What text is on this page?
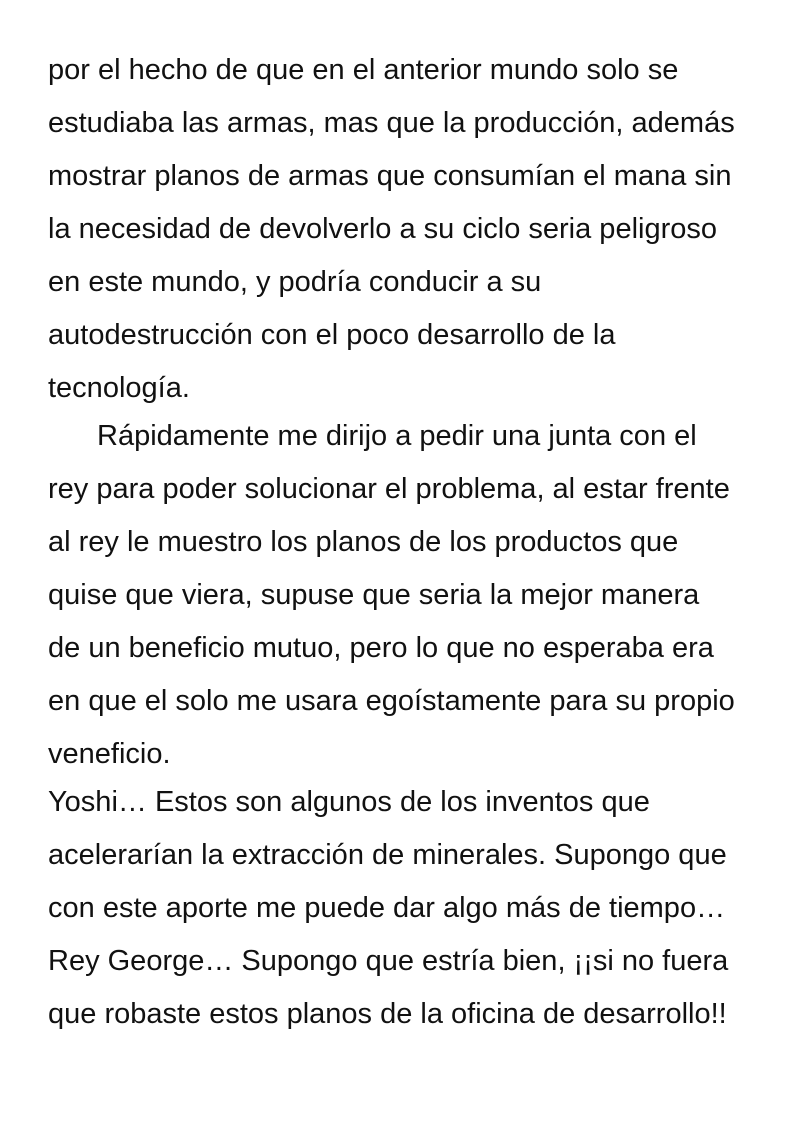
por el hecho de que en el anterior mundo solo se
estudiaba las armas, mas que la producción, además
mostrar planos de armas que consumían el mana sin
la necesidad de devolverlo a su ciclo seria peligroso
en este mundo, y podría conducir a su
autodestrucción con el poco desarrollo de la
tecnología.
Rápidamente me dirijo a pedir una junta con el
rey para poder solucionar el problema, al estar frente
al rey le muestro los planos de los productos que
quise que viera, supuse que seria la mejor manera
de un beneficio mutuo, pero lo que no esperaba era
en que el solo me usara egoístamente para su propio
veneficio.
Yoshi… Estos son algunos de los inventos que
acelerarían la extracción de minerales. Supongo que
con este aporte me puede dar algo más de tiempo…
Rey George… Supongo que estría bien, ¡¡si no fuera
que robaste estos planos de la oficina de desarrollo!!
